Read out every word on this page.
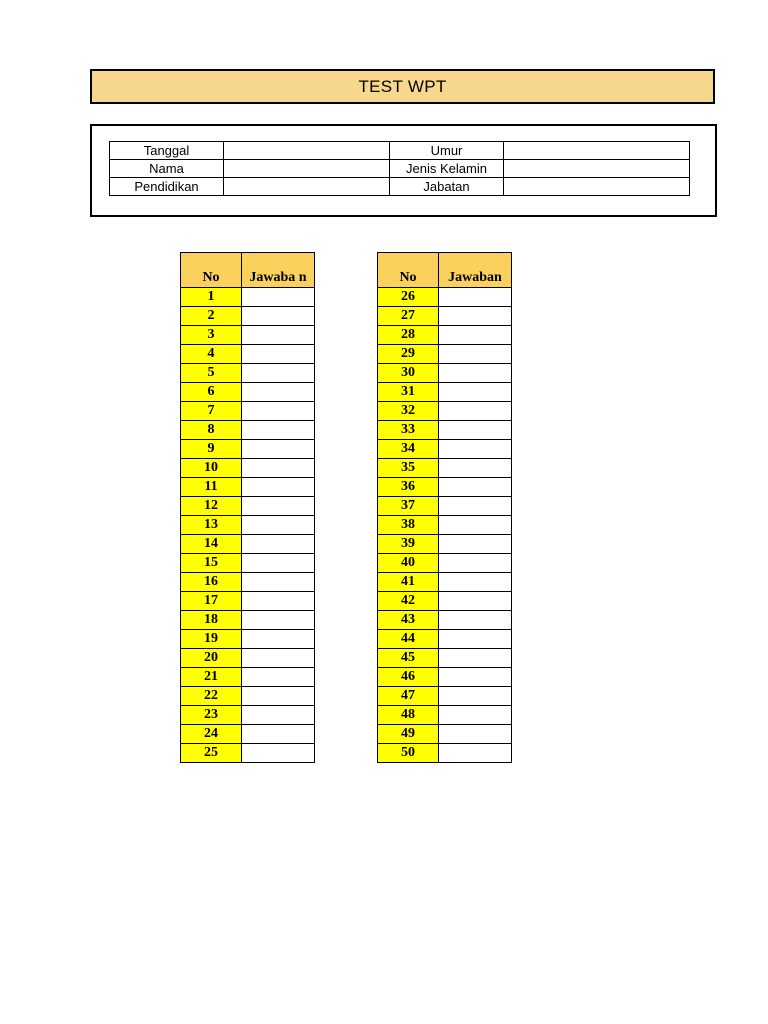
TEST WPT
Tanggal		Umur	
Nama		Jenis Kelamin	
Pendidikan		Jabatan	
No	Jawaba n
1	
2	
3	
4	
5	
6	
7	
8	
9	
10	
11	
12	
13	
14	
15	
16	
17	
18	
19	
20	
21	
22	
23	
24	
25	
No	Jawaban
26	
27	
28	
29	
30	
31	
32	
33	
34	
35	
36	
37	
38	
39	
40	
41	
42	
43	
44	
45	
46	
47	
48	
49	
50	
